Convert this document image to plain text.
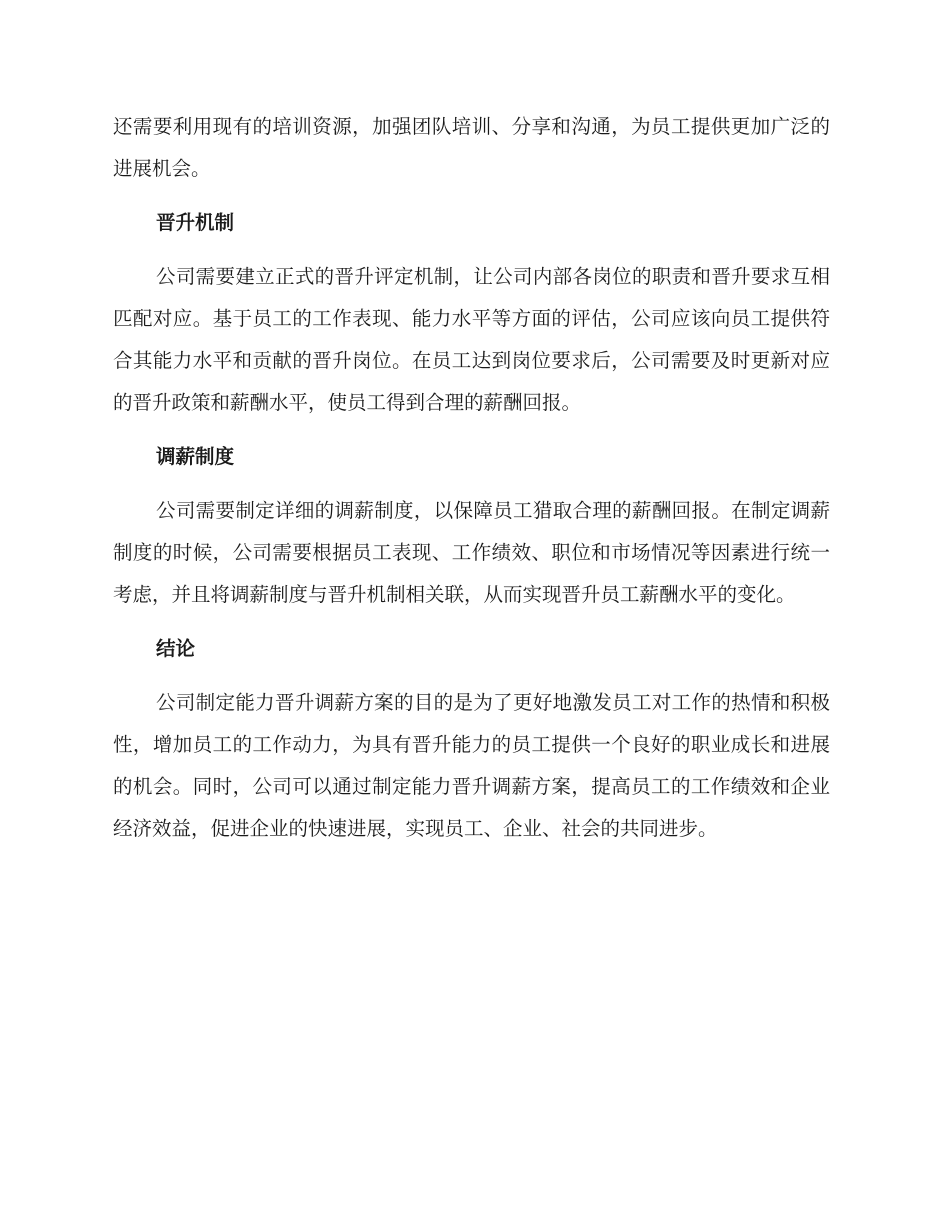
还需要利用现有的培训资源，加强团队培训、分享和沟通，为员工提供更加广泛的进展机会。

晋升机制

公司需要建立正式的晋升评定机制，让公司内部各岗位的职责和晋升要求互相匹配对应。基于员工的工作表现、能力水平等方面的评估，公司应该向员工提供符合其能力水平和贡献的晋升岗位。在员工达到岗位要求后，公司需要及时更新对应的晋升政策和薪酬水平，使员工得到合理的薪酬回报。

调薪制度

公司需要制定详细的调薪制度，以保障员工猎取合理的薪酬回报。在制定调薪制度的时候，公司需要根据员工表现、工作绩效、职位和市场情况等因素进行统一考虑，并且将调薪制度与晋升机制相关联，从而实现晋升员工薪酬水平的变化。

结论

公司制定能力晋升调薪方案的目的是为了更好地激发员工对工作的热情和积极性，增加员工的工作动力，为具有晋升能力的员工提供一个良好的职业成长和进展的机会。同时，公司可以通过制定能力晋升调薪方案，提高员工的工作绩效和企业经济效益，促进企业的快速进展，实现员工、企业、社会的共同进步。
